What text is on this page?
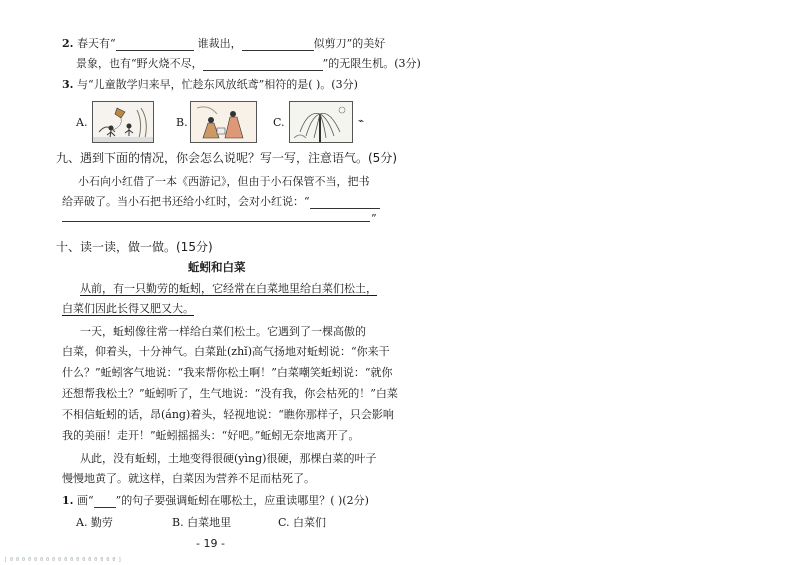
2. 春天有“	谁裁出，	似剪刀”的美好
景象，也有“野火烧不尽，	”的无限生机。(3分)
3. 与“儿童散学归来早，忙趁东风放纸鸢”相符的是( )。(3分)
A.	B.	C.	⌁
九、遇到下面的情况，你会怎么说呢？写一写，注意语气。(5分)
小石向小红借了一本《西游记》，但由于小石保管不当，把书
给弄破了。当小石把书还给小红时，会对小红说：“
”
十、读一读，做一做。(15分)
蚯蚓和白菜
从前，有一只勤劳的蚯蚓，它经常在白菜地里给白菜们松土，
白菜们因此长得又肥又大。
一天，蚯蚓像往常一样给白菜们松土。它遇到了一棵高傲的
白菜，仰着头，十分神气。白菜趾(zhǐ)高气扬地对蚯蚓说：“你来干
什么？”蚯蚓客气地说：“我来帮你松土啊！”白菜嘲笑蚯蚓说：“就你
还想帮我松土？”蚯蚓听了，生气地说：“没有我，你会枯死的！”白菜
不相信蚯蚓的话，昂(áng)着头，轻视地说：“瞧你那样子，只会影响
我的美丽！走开！”蚯蚓摇摇头：“好吧。”蚯蚓无奈地离开了。
从此，没有蚯蚓，土地变得很硬(yìng)很硬，那棵白菜的叶子
慢慢地黄了。就这样，白菜因为营养不足而枯死了。
1. 画“ ”的句子要强调蚯蚓在哪松土，应重读哪里？( )(2分)
A. 勤劳	B. 白菜地里	C. 白菜们
- 19 -
[ 0 0 0 0 0 0 0 0 0 0 0 0 0 0 0 0 0 0 ]
